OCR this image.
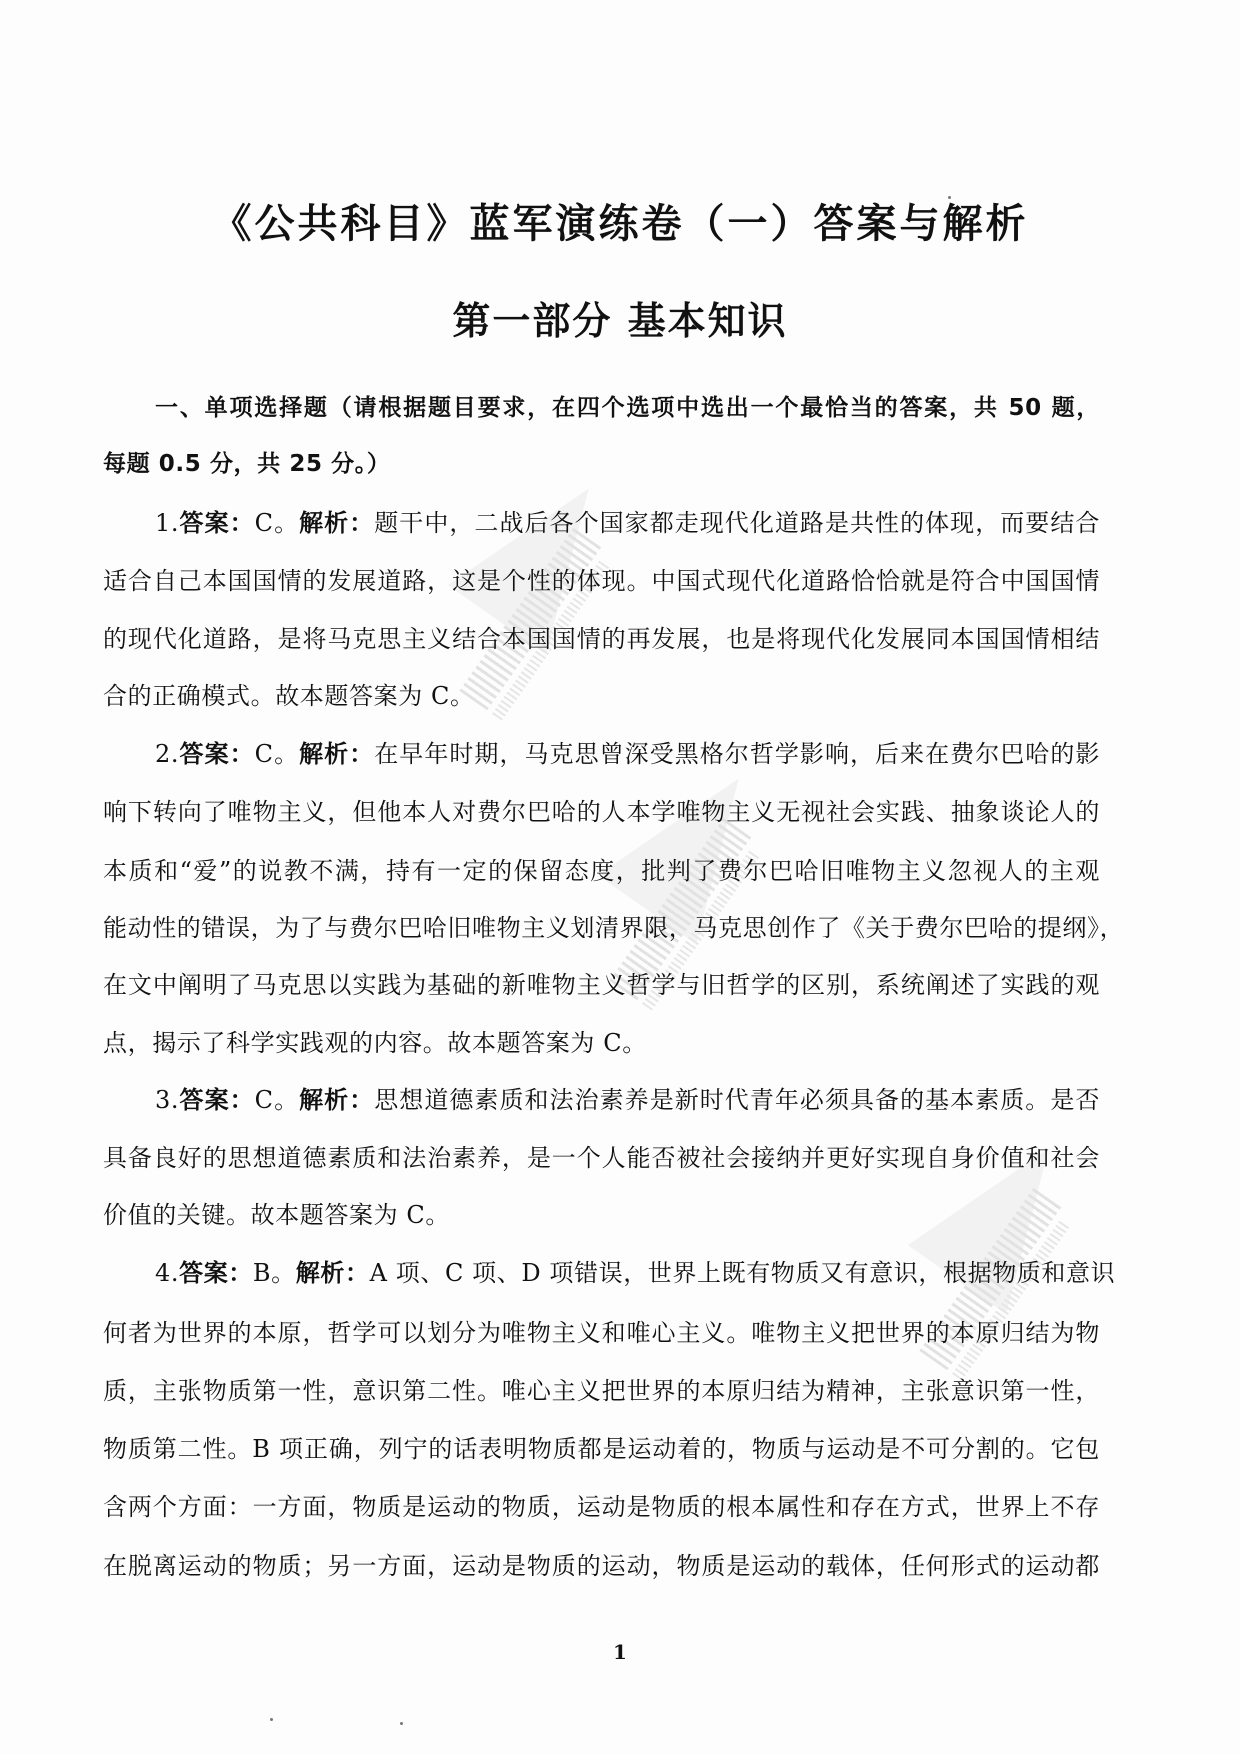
《公共科目》蓝军演练卷（一）答案与解析
第一部分 基本知识
一、单项选择题（请根据题目要求，在四个选项中选出一个最恰当的答案，共 50 题，
每题 0.5 分，共 25 分。）
1.答案：C。解析：题干中，二战后各个国家都走现代化道路是共性的体现，而要结合
适合自己本国国情的发展道路，这是个性的体现。中国式现代化道路恰恰就是符合中国国情
的现代化道路，是将马克思主义结合本国国情的再发展，也是将现代化发展同本国国情相结
合的正确模式。故本题答案为 C。
2.答案：C。解析：在早年时期，马克思曾深受黑格尔哲学影响，后来在费尔巴哈的影
响下转向了唯物主义，但他本人对费尔巴哈的人本学唯物主义无视社会实践、抽象谈论人的
本质和“爱”的说教不满，持有一定的保留态度，批判了费尔巴哈旧唯物主义忽视人的主观
能动性的错误，为了与费尔巴哈旧唯物主义划清界限，马克思创作了《关于费尔巴哈的提纲》，
在文中阐明了马克思以实践为基础的新唯物主义哲学与旧哲学的区别，系统阐述了实践的观
点，揭示了科学实践观的内容。故本题答案为 C。
3.答案：C。解析：思想道德素质和法治素养是新时代青年必须具备的基本素质。是否
具备良好的思想道德素质和法治素养，是一个人能否被社会接纳并更好实现自身价值和社会
价值的关键。故本题答案为 C。
4.答案：B。解析：A 项、C 项、D 项错误，世界上既有物质又有意识，根据物质和意识
何者为世界的本原，哲学可以划分为唯物主义和唯心主义。唯物主义把世界的本原归结为物
质，主张物质第一性，意识第二性。唯心主义把世界的本原归结为精神，主张意识第一性，
物质第二性。B 项正确，列宁的话表明物质都是运动着的，物质与运动是不可分割的。它包
含两个方面：一方面，物质是运动的物质，运动是物质的根本属性和存在方式，世界上不存
在脱离运动的物质；另一方面，运动是物质的运动，物质是运动的载体，任何形式的运动都
1
